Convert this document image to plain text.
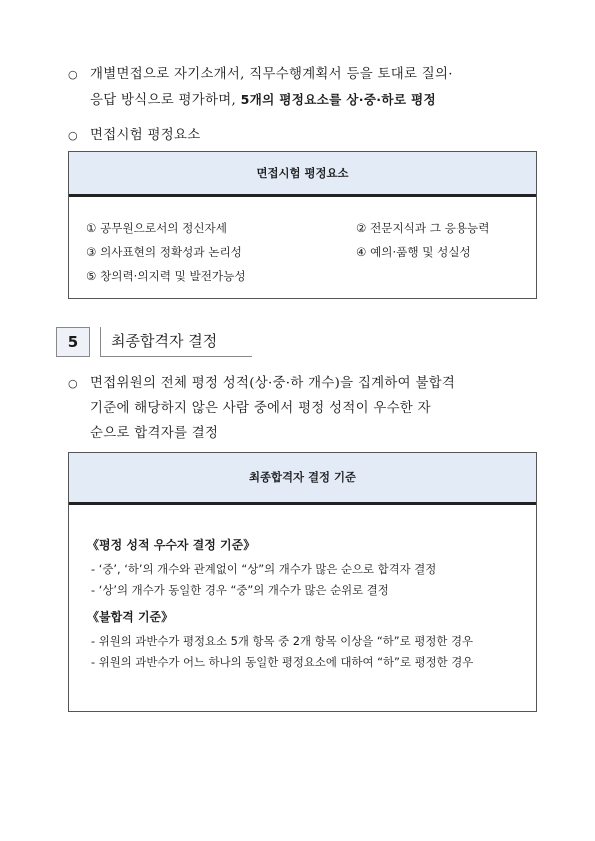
○ 개별면접으로 자기소개서, 직무수행계획서 등을 토대로 질의·
응답 방식으로 평가하며, 5개의 평정요소를 상·중·하로 평정
○ 면접시험 평정요소
면접시험 평정요소
① 공무원으로서의 정신자세	② 전문지식과 그 응용능력
③ 의사표현의 정확성과 논리성	④ 예의·품행 및 성실성
⑤ 창의력·의지력 및 발전가능성
5	최종합격자 결정
○ 면접위원의 전체 평정 성적(상·중·하 개수)을 집계하여 불합격
기준에 해당하지 않은 사람 중에서 평정 성적이 우수한 자
순으로 합격자를 결정
최종합격자 결정 기준
《평정 성적 우수자 결정 기준》
- ‘중’, ‘하’의 개수와 관계없이 “상”의 개수가 많은 순으로 합격자 결정
- ‘상’의 개수가 동일한 경우 “중”의 개수가 많은 순위로 결정
《불합격 기준》
- 위원의 과반수가 평정요소 5개 항목 중 2개 항목 이상을 “하”로 평정한 경우
- 위원의 과반수가 어느 하나의 동일한 평정요소에 대하여 “하”로 평정한 경우
